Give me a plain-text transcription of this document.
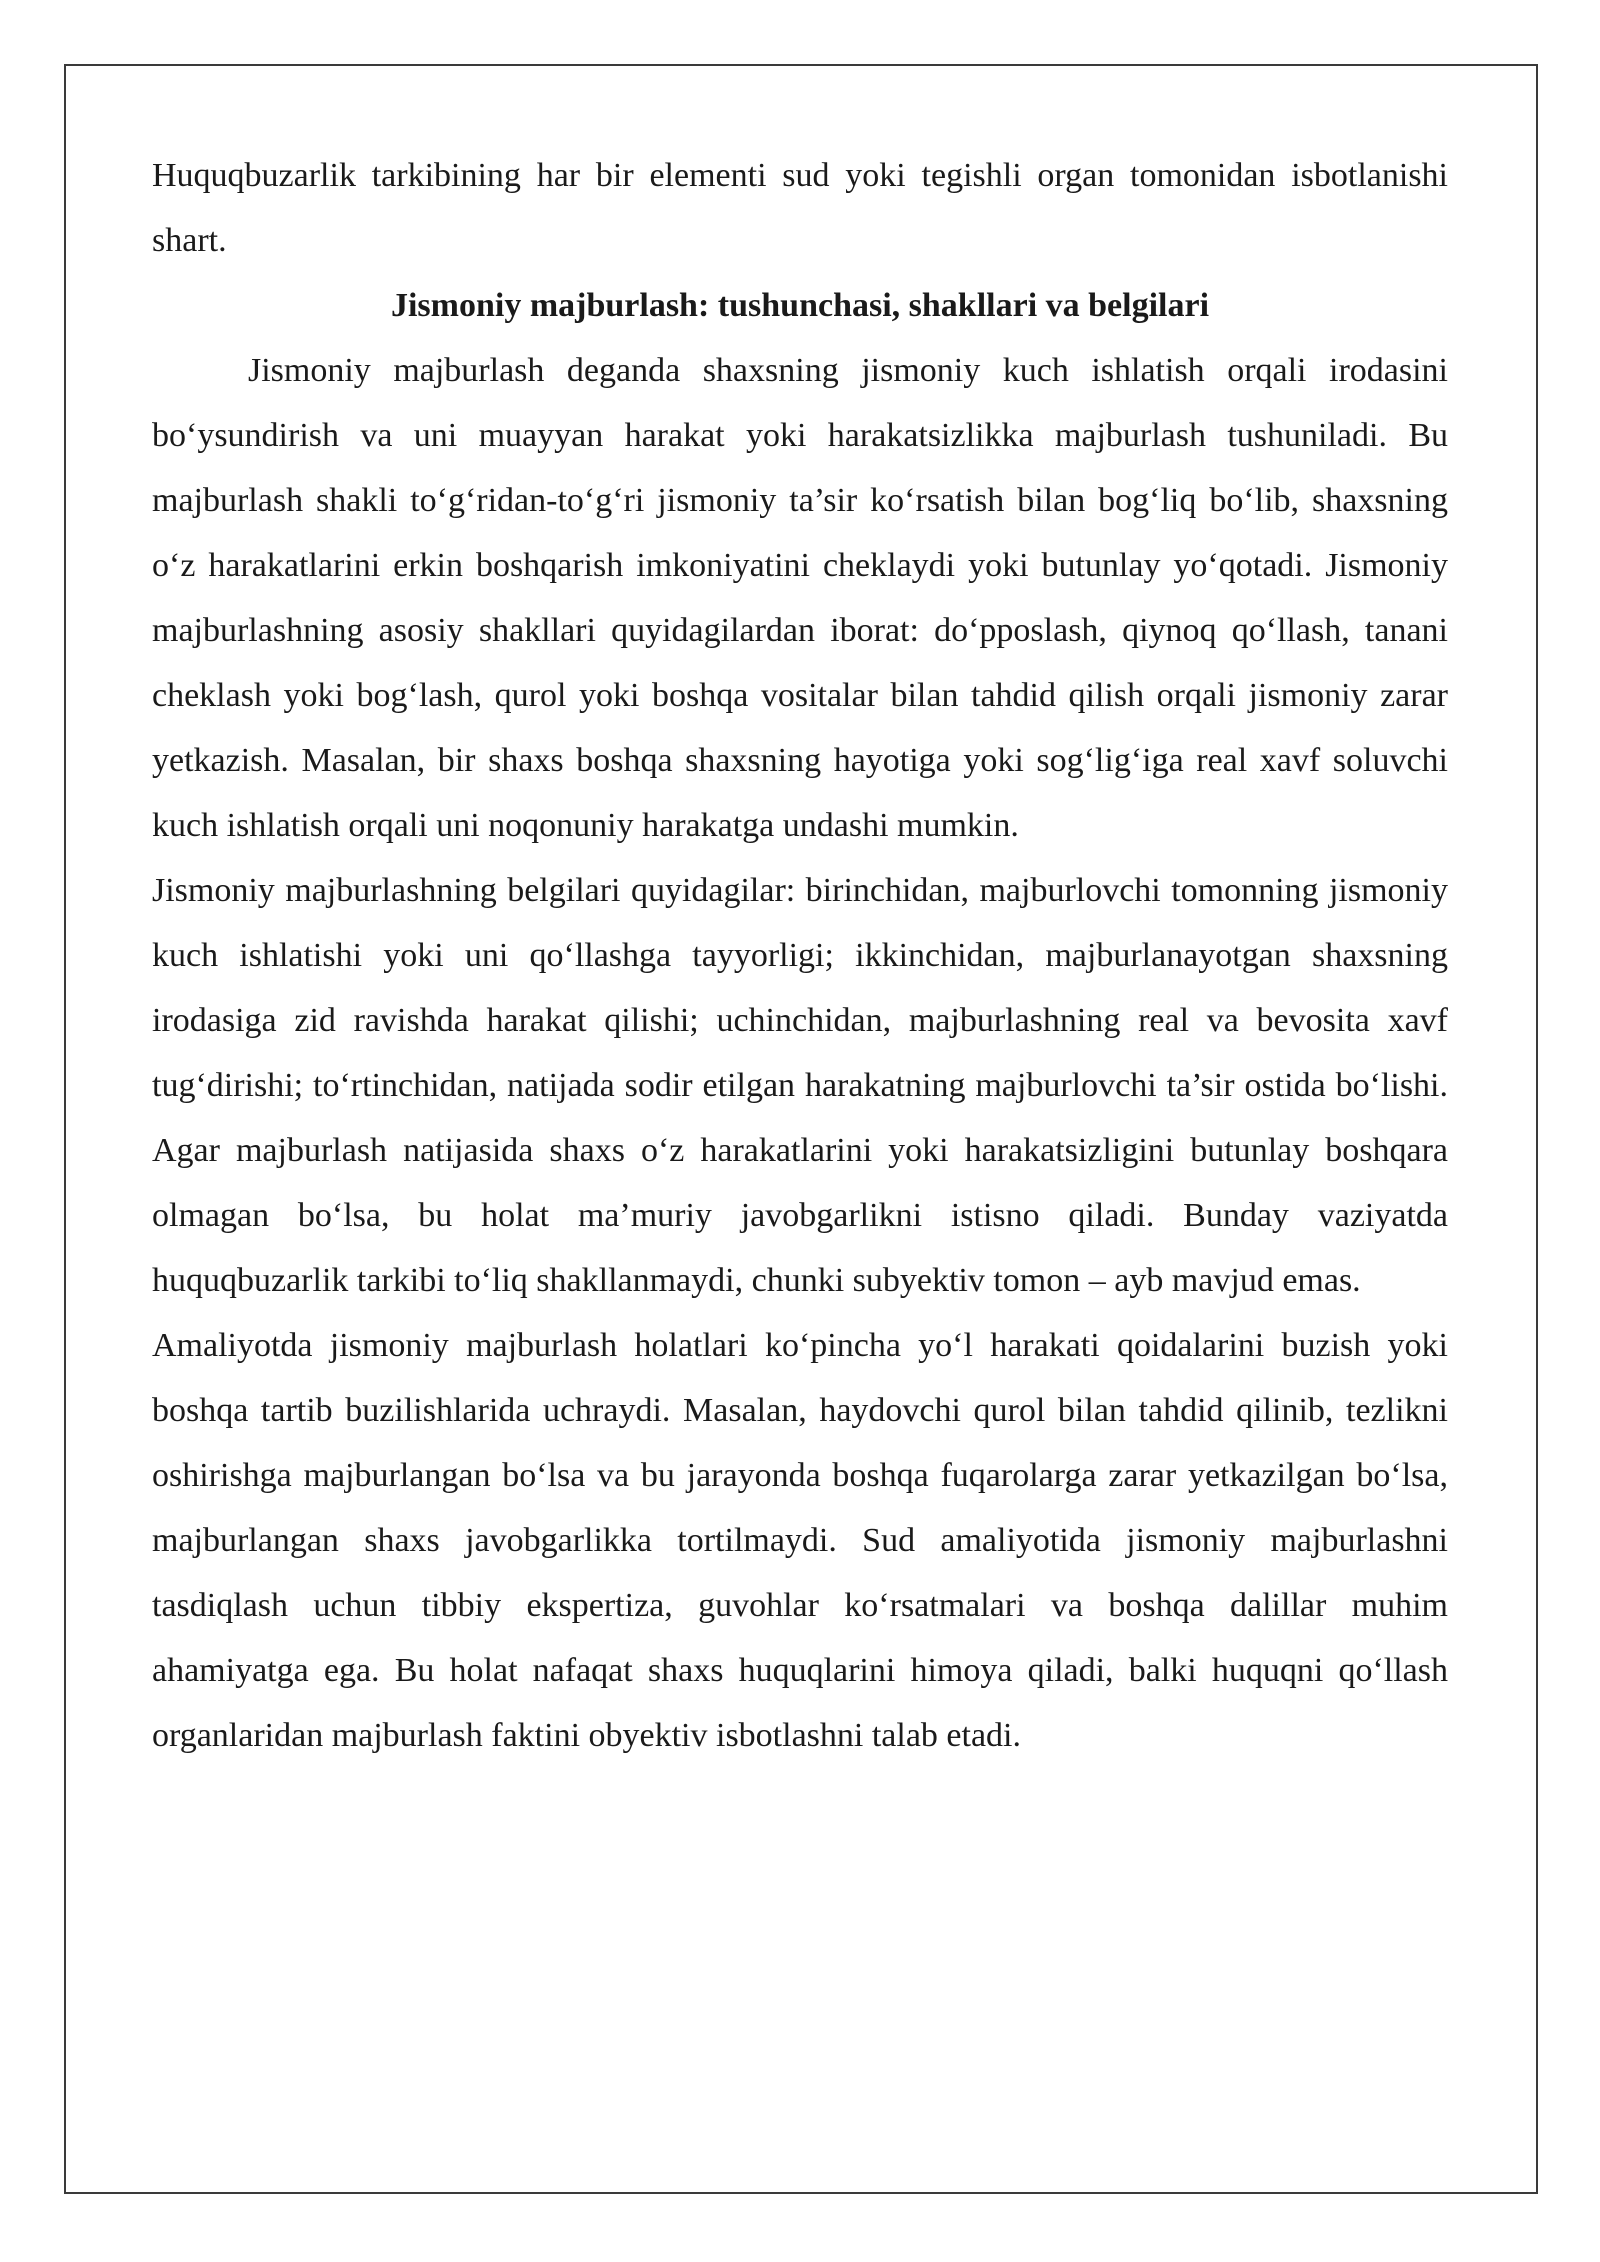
Huquqbuzarlik tarkibining har bir elementi sud yoki tegishli organ tomonidan isbotlanishi shart.

Jismoniy majburlash: tushunchasi, shakllari va belgilari

Jismoniy majburlash deganda shaxsning jismoniy kuch ishlatish orqali irodasini bo‘ysundirish va uni muayyan harakat yoki harakatsizlikka majburlash tushuniladi. Bu majburlash shakli to‘g‘ridan-to‘g‘ri jismoniy ta’sir ko‘rsatish bilan bog‘liq bo‘lib, shaxsning o‘z harakatlarini erkin boshqarish imkoniyatini cheklaydi yoki butunlay yo‘qotadi. Jismoniy majburlashning asosiy shakllari quyidagilardan iborat: do‘pposlash, qiynoq qo‘llash, tanani cheklash yoki bog‘lash, qurol yoki boshqa vositalar bilan tahdid qilish orqali jismoniy zarar yetkazish. Masalan, bir shaxs boshqa shaxsning hayotiga yoki sog‘lig‘iga real xavf soluvchi kuch ishlatish orqali uni noqonuniy harakatga undashi mumkin.

Jismoniy majburlashning belgilari quyidagilar: birinchidan, majburlovchi tomonning jismoniy kuch ishlatishi yoki uni qo‘llashga tayyorligi; ikkinchidan, majburlanayotgan shaxsning irodasiga zid ravishda harakat qilishi; uchinchidan, majburlashning real va bevosita xavf tug‘dirishi; to‘rtinchidan, natijada sodir etilgan harakatning majburlovchi ta’sir ostida bo‘lishi. Agar majburlash natijasida shaxs o‘z harakatlarini yoki harakatsizligini butunlay boshqara olmagan bo‘lsa, bu holat ma’muriy javobgarlikni istisno qiladi. Bunday vaziyatda huquqbuzarlik tarkibi to‘liq shakllanmaydi, chunki subyektiv tomon – ayb mavjud emas.

Amaliyotda jismoniy majburlash holatlari ko‘pincha yo‘l harakati qoidalarini buzish yoki boshqa tartib buzilishlarida uchraydi. Masalan, haydovchi qurol bilan tahdid qilinib, tezlikni oshirishga majburlangan bo‘lsa va bu jarayonda boshqa fuqarolarga zarar yetkazilgan bo‘lsa, majburlangan shaxs javobgarlikka tortilmaydi. Sud amaliyotida jismoniy majburlashni tasdiqlash uchun tibbiy ekspertiza, guvohlar ko‘rsatmalari va boshqa dalillar muhim ahamiyatga ega. Bu holat nafaqat shaxs huquqlarini himoya qiladi, balki huquqni qo‘llash organlaridan majburlash faktini obyektiv isbotlashni talab etadi.
